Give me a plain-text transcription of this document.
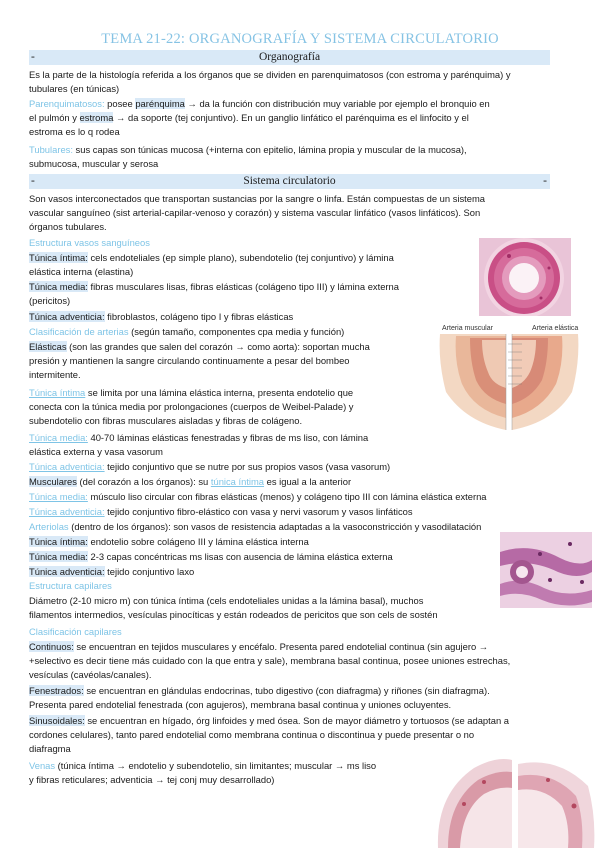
TEMA 21-22: ORGANOGRAFÍA Y SISTEMA CIRCULATORIO
-	Organografía
Es la parte de la histología referida a los órganos que se dividen en parenquimatosos (con estroma y parénquima) y
tubulares (en túnicas)
Parenquimatosos: posee parénquima → da la función con distribución muy variable por ejemplo el bronquio en
el pulmón y estroma → da soporte (tej conjuntivo). En un ganglio linfático el parénquima es el linfocito y el
estroma es lo q rodea
Tubulares: sus capas son túnicas mucosa (+interna con epitelio, lámina propia y muscular de la mucosa),
submucosa, muscular y serosa
-	Sistema circulatorio	-
Son vasos interconectados que transportan sustancias por la sangre o linfa. Están compuestas de un sistema
vascular sanguíneo (sist arterial-capilar-venoso y corazón) y sistema vascular linfático (vasos linfáticos). Son
órganos tubulares.
Estructura vasos sanguíneos
Túnica íntima: cels endoteliales (ep simple plano), subendotelio (tej conjuntivo) y lámina
elástica interna (elastina)
Túnica media: fibras musculares lisas, fibras elásticas (colágeno tipo III) y lámina externa
(pericitos)
Túnica adventicia: fibroblastos, colágeno tipo I y fibras elásticas
Clasificación de arterias (según tamaño, componentes cpa media y función)
Elásticas (son las grandes que salen del corazón → como aorta): soportan mucha
presión y mantienen la sangre circulando continuamente a pesar del bombeo
intermitente.
Túnica íntima se limita por una lámina elástica interna, presenta endotelio que
conecta con la túnica media por prolongaciones (cuerpos de Weibel-Palade) y
subendotelio con fibras musculares aisladas y fibras de colágeno.
Túnica media: 40-70 láminas elásticas fenestradas y fibras de ms liso, con lámina
elástica externa y vasa vasorum
Túnica adventicia: tejido conjuntivo que se nutre por sus propios vasos (vasa vasorum)
Musculares (del corazón a los órganos): su túnica íntima es igual a la anterior
Túnica media: músculo liso circular con fibras elásticas (menos) y colágeno tipo III con lámina elástica externa
Túnica adventicia: tejido conjuntivo fibro-elástico con vasa y nervi vasorum y vasos linfáticos
Arteriolas (dentro de los órganos): son vasos de resistencia adaptadas a la vasoconstricción y vasodilatación
Túnica íntima: endotelio sobre colágeno III y lámina elástica interna
Túnica media: 2-3 capas concéntricas ms lisas con ausencia de lámina elástica externa
Túnica adventicia: tejido conjuntivo laxo
Estructura capilares
Diámetro (2-10 micro m) con túnica íntima (cels endoteliales unidas a la lámina basal), muchos
filamentos intermedios, vesículas pinocíticas y están rodeados de pericitos que son cels de sostén
Clasificación capilares
Continuos: se encuentran en tejidos musculares y encéfalo. Presenta pared endotelial continua (sin agujero →
+selectivo es decir tiene más cuidado con la que entra y sale), membrana basal continua, posee uniones estrechas,
vesículas (cavéolas/canales).
Fenestrados: se encuentran en glándulas endocrinas, tubo digestivo (con diafragma) y riñones (sin diafragma).
Presenta pared endotelial fenestrada (con agujeros), membrana basal continua y uniones ocluyentes.
Sinusoidales: se encuentran en hígado, órg linfoides y med ósea. Son de mayor diámetro y tortuosos (se adaptan a
cordones celulares), tanto pared endotelial como membrana continua o discontinua y puede presentar o no
diafragma
Venas (túnica íntima → endotelio y subendotelio, sin limitantes; muscular → ms liso
y fibras reticulares; adventicia → tej conj muy desarrollado)
Arteria muscular	Arteria elástica
